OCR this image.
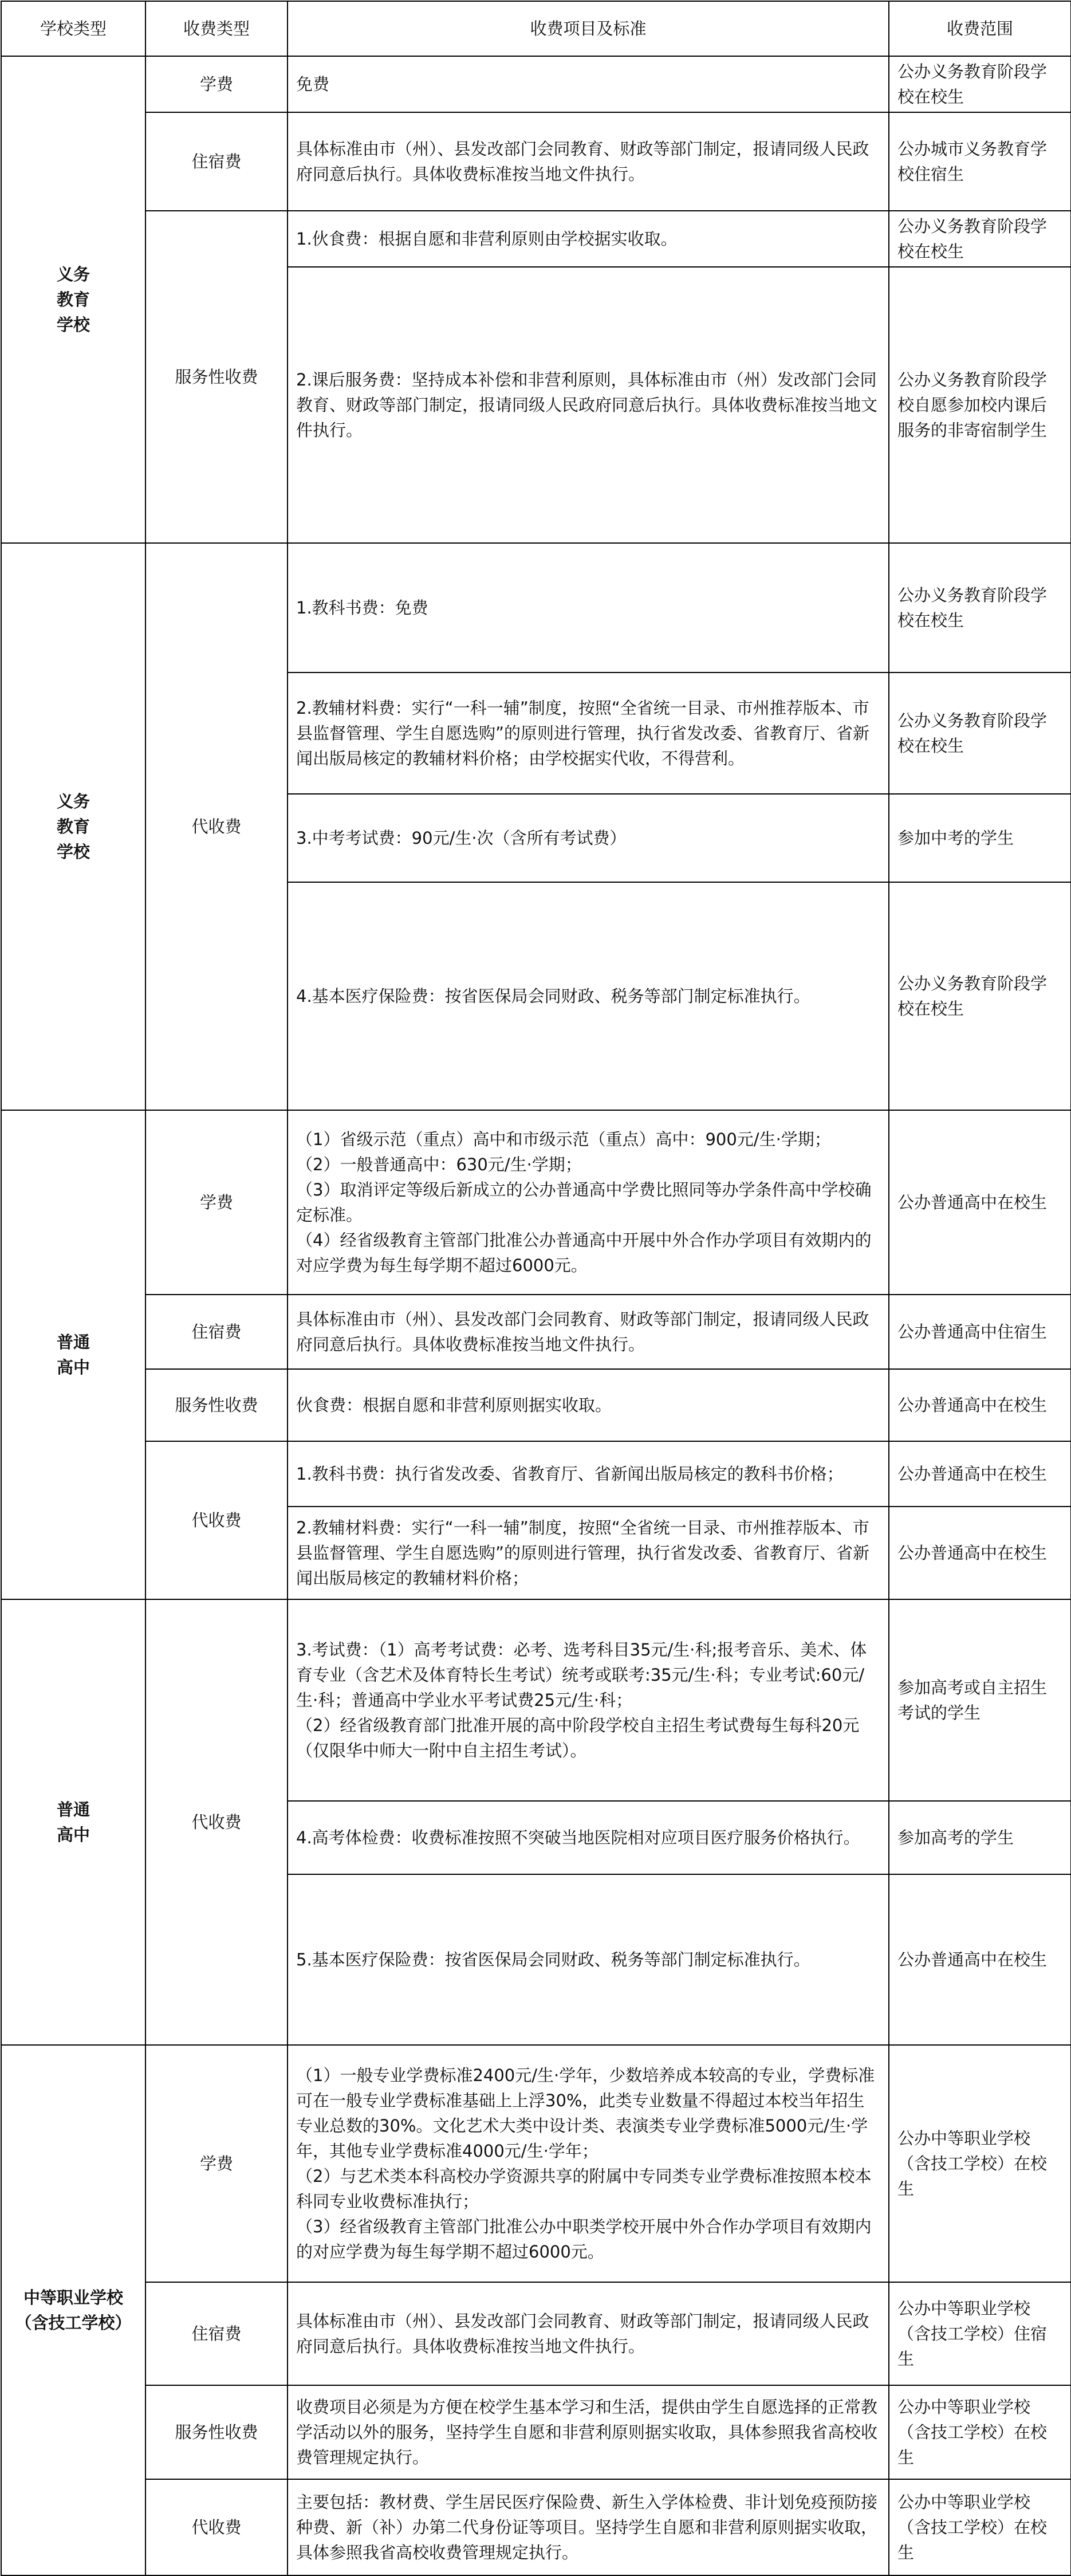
学校类型	收费类型	收费项目及标准	收费范围
义务
教育
学校	学费	免费	公办义务教育阶段学校在校生
	住宿费	具体标准由市（州）、县发改部门会同教育、财政等部门制定，报请同级人民政府同意后执行。具体收费标准按当地文件执行。	公办城市义务教育学校住宿生
	服务性收费	1.伙食费：根据自愿和非营利原则由学校据实收取。	公办义务教育阶段学校在校生
		2.课后服务费：坚持成本补偿和非营利原则，具体标准由市（州）发改部门会同教育、财政等部门制定，报请同级人民政府同意后执行。具体收费标准按当地文件执行。	公办义务教育阶段学校自愿参加校内课后服务的非寄宿制学生
义务
教育
学校	代收费	1.教科书费：免费	公办义务教育阶段学校在校生
		2.教辅材料费：实行“一科一辅”制度，按照“全省统一目录、市州推荐版本、市县监督管理、学生自愿选购”的原则进行管理，执行省发改委、省教育厅、省新闻出版局核定的教辅材料价格；由学校据实代收，不得营利。	公办义务教育阶段学校在校生
		3.中考考试费：90元/生·次（含所有考试费）	参加中考的学生
		4.基本医疗保险费：按省医保局会同财政、税务等部门制定标准执行。	公办义务教育阶段学校在校生
普通
高中	学费	（1）省级示范（重点）高中和市级示范（重点）高中：900元/生·学期；
（2）一般普通高中：630元/生·学期；
（3）取消评定等级后新成立的公办普通高中学费比照同等办学条件高中学校确定标准。
（4）经省级教育主管部门批准公办普通高中开展中外合作办学项目有效期内的对应学费为每生每学期不超过6000元。	公办普通高中在校生
	住宿费	具体标准由市（州）、县发改部门会同教育、财政等部门制定，报请同级人民政府同意后执行。具体收费标准按当地文件执行。	公办普通高中住宿生
	服务性收费	伙食费：根据自愿和非营利原则据实收取。	公办普通高中在校生
	代收费	1.教科书费：执行省发改委、省教育厅、省新闻出版局核定的教科书价格；	公办普通高中在校生
		2.教辅材料费：实行“一科一辅”制度，按照“全省统一目录、市州推荐版本、市县监督管理、学生自愿选购”的原则进行管理，执行省发改委、省教育厅、省新闻出版局核定的教辅材料价格；	公办普通高中在校生
普通
高中	代收费	3.考试费：（1）高考考试费：必考、选考科目35元/生·科;报考音乐、美术、体育专业（含艺术及体育特长生考试）统考或联考:35元/生·科；专业考试:60元/生·科；普通高中学业水平考试费25元/生·科；
（2）经省级教育部门批准开展的高中阶段学校自主招生考试费每生每科20元（仅限华中师大一附中自主招生考试）。	参加高考或自主招生考试的学生
		4.高考体检费：收费标准按照不突破当地医院相对应项目医疗服务价格执行。	参加高考的学生
		5.基本医疗保险费：按省医保局会同财政、税务等部门制定标准执行。	公办普通高中在校生
中等职业学校
（含技工学校）	学费	（1）一般专业学费标准2400元/生·学年，少数培养成本较高的专业，学费标准可在一般专业学费标准基础上上浮30%，此类专业数量不得超过本校当年招生专业总数的30%。文化艺术大类中设计类、表演类专业学费标准5000元/生·学年，其他专业学费标准4000元/生·学年；
（2）与艺术类本科高校办学资源共享的附属中专同类专业学费标准按照本校本科同专业收费标准执行；
（3）经省级教育主管部门批准公办中职类学校开展中外合作办学项目有效期内的对应学费为每生每学期不超过6000元。	公办中等职业学校（含技工学校）在校生
	住宿费	具体标准由市（州）、县发改部门会同教育、财政等部门制定，报请同级人民政府同意后执行。具体收费标准按当地文件执行。	公办中等职业学校（含技工学校）住宿生
	服务性收费	收费项目必须是为方便在校学生基本学习和生活，提供由学生自愿选择的正常教学活动以外的服务，坚持学生自愿和非营利原则据实收取，具体参照我省高校收费管理规定执行。	公办中等职业学校（含技工学校）在校生
	代收费	主要包括：教材费、学生居民医疗保险费、新生入学体检费、非计划免疫预防接种费、新（补）办第二代身份证等项目。坚持学生自愿和非营利原则据实收取，具体参照我省高校收费管理规定执行。	公办中等职业学校（含技工学校）在校生
